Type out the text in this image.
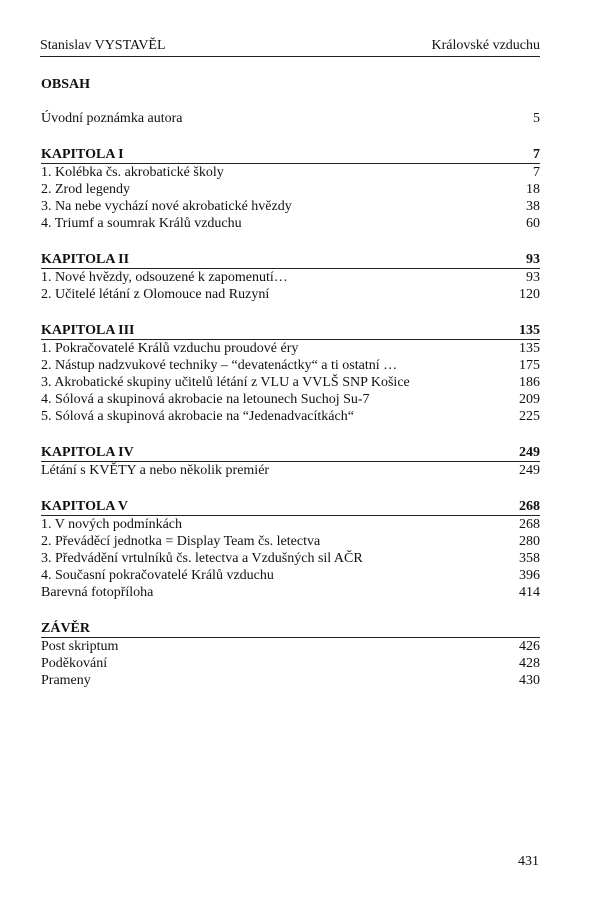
Stanislav VYSTAVĚL	Královské vzduchu
OBSAH
Úvodní poznámka autora	5
KAPITOLA I	7
1. Kolébka čs. akrobatické školy	7
2. Zrod legendy	18
3. Na nebe vychází nové akrobatické hvězdy	38
4. Triumf a soumrak Králů vzduchu	60
KAPITOLA II	93
1. Nové hvězdy, odsouzené k zapomenutí…	93
2. Učitelé létání z Olomouce nad Ruzyní	120
KAPITOLA III	135
1. Pokračovatelé Králů vzduchu proudové éry	135
2. Nástup nadzvukové techniky – “devatenáctky“ a ti ostatní …	175
3. Akrobatické skupiny učitelů létání z VLU a VVLŠ SNP Košice	186
4. Sólová a skupinová akrobacie na letounech Suchoj Su-7	209
5. Sólová a skupinová akrobacie na “Jedenadvacítkách“	225
KAPITOLA IV	249
Létání s KVĚTY a nebo několik premiér	249
KAPITOLA V	268
1. V nových podmínkách	268
2. Převáděcí jednotka = Display Team čs. letectva	280
3. Předvádění vrtulníků čs. letectva a Vzdušných sil AČR	358
4. Současní pokračovatelé Králů vzduchu	396
Barevná fotopříloha	414
ZÁVĚR
Post skriptum	426
Poděkování	428
Prameny	430
431
